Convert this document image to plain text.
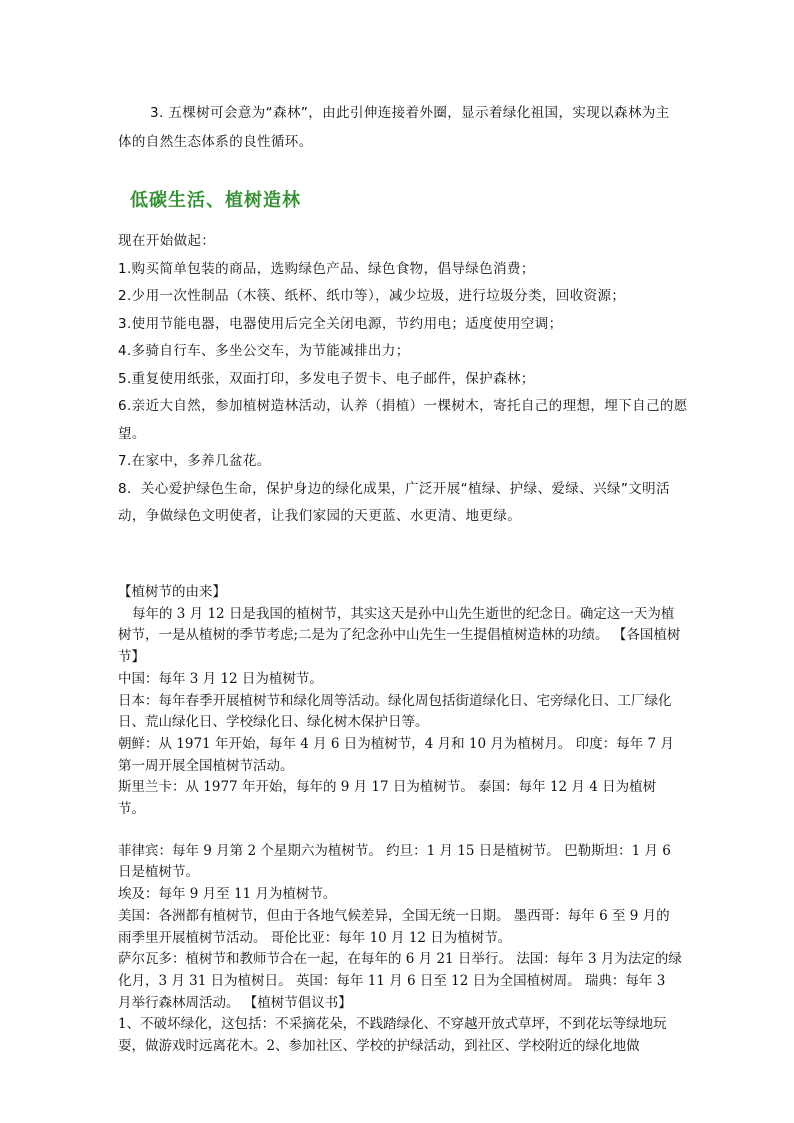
3. 五棵树可会意为“森林”，由此引伸连接着外圈，显示着绿化祖国，实现以森林为主体的自然生态体系的良性循环。

低碳生活、植树造林

现在开始做起：

1.购买简单包装的商品，选购绿色产品、绿色食物，倡导绿色消费；

2.少用一次性制品（木筷、纸杯、纸巾等），减少垃圾，进行垃圾分类，回收资源；

3.使用节能电器，电器使用后完全关闭电源，节约用电；适度使用空调；

4.多骑自行车、多坐公交车，为节能减排出力；

5.重复使用纸张，双面打印，多发电子贺卡、电子邮件，保护森林；

6.亲近大自然，参加植树造林活动，认养（捐植）一棵树木，寄托自己的理想，埋下自己的愿望。

7.在家中，多养几盆花。

8．关心爱护绿色生命，保护身边的绿化成果，广泛开展“植绿、护绿、爱绿、兴绿”文明活动，争做绿色文明使者，让我们家园的天更蓝、水更清、地更绿。

【植树节的由来】

每年的 3 月 12 日是我国的植树节，其实这天是孙中山先生逝世的纪念日。确定这一天为植树节，一是从植树的季节考虑;二是为了纪念孙中山先生一生提倡植树造林的功绩。 【各国植树节】

中国：每年 3 月 12 日为植树节。

日本：每年春季开展植树节和绿化周等活动。绿化周包括街道绿化日、宅旁绿化日、工厂绿化日、荒山绿化日、学校绿化日、绿化树木保护日等。

朝鲜：从 1971 年开始，每年 4 月 6 日为植树节，4 月和 10 月为植树月。 印度：每年 7 月第一周开展全国植树节活动。

斯里兰卡：从 1977 年开始，每年的 9 月 17 日为植树节。 泰国：每年 12 月 4 日为植树节。

菲律宾：每年 9 月第 2 个星期六为植树节。 约旦：1 月 15 日是植树节。 巴勒斯坦：1 月 6 日是植树节。

埃及：每年 9 月至 11 月为植树节。

美国：各洲都有植树节，但由于各地气候差异，全国无统一日期。 墨西哥：每年 6 至 9 月的雨季里开展植树节活动。 哥伦比亚：每年 10 月 12 日为植树节。

萨尔瓦多：植树节和教师节合在一起，在每年的 6 月 21 日举行。 法国：每年 3 月为法定的绿化月，3 月 31 日为植树日。 英国：每年 11 月 6 日至 12 日为全国植树周。 瑞典：每年 3 月举行森林周活动。 【植树节倡议书】

1、不破坏绿化，这包括：不采摘花朵，不践踏绿化、不穿越开放式草坪，不到花坛等绿地玩耍，做游戏时远离花木。2、参加社区、学校的护绿活动，到社区、学校附近的绿化地做
